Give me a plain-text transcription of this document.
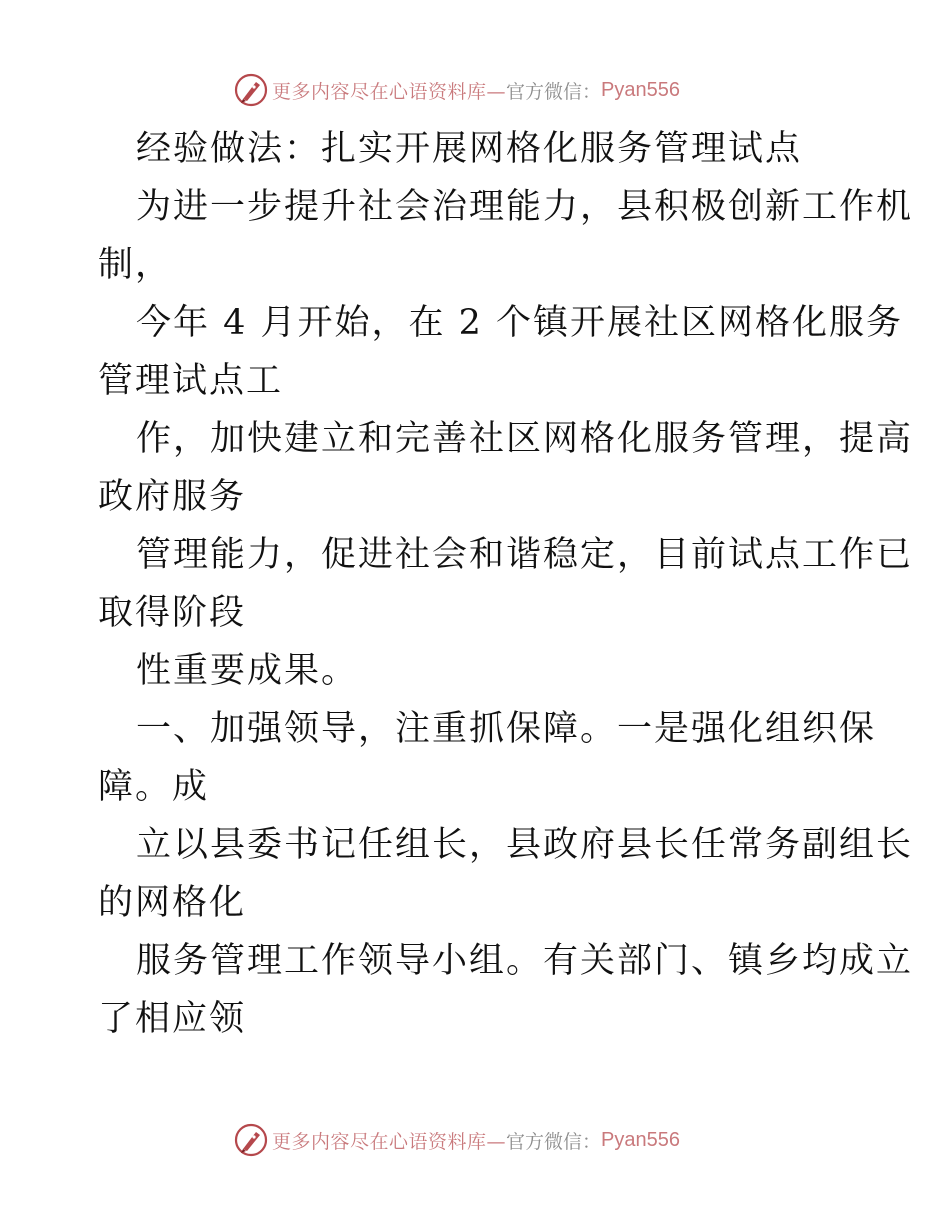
更多内容尽在心语资料库— 官方微信： Pyan556
经验做法：扎实开展网格化服务管理试点
为进一步提升社会治理能力，县积极创新工作机
制，
今年 4 月开始，在 2 个镇开展社区网格化服务
管理试点工
作，加快建立和完善社区网格化服务管理，提高
政府服务
管理能力，促进社会和谐稳定，目前试点工作已
取得阶段
性重要成果。
一、加强领导，注重抓保障。一是强化组织保
障。成
立以县委书记任组长，县政府县长任常务副组长
的网格化
服务管理工作领导小组。有关部门、镇乡均成立
了相应领
更多内容尽在心语资料库— 官方微信： Pyan556
